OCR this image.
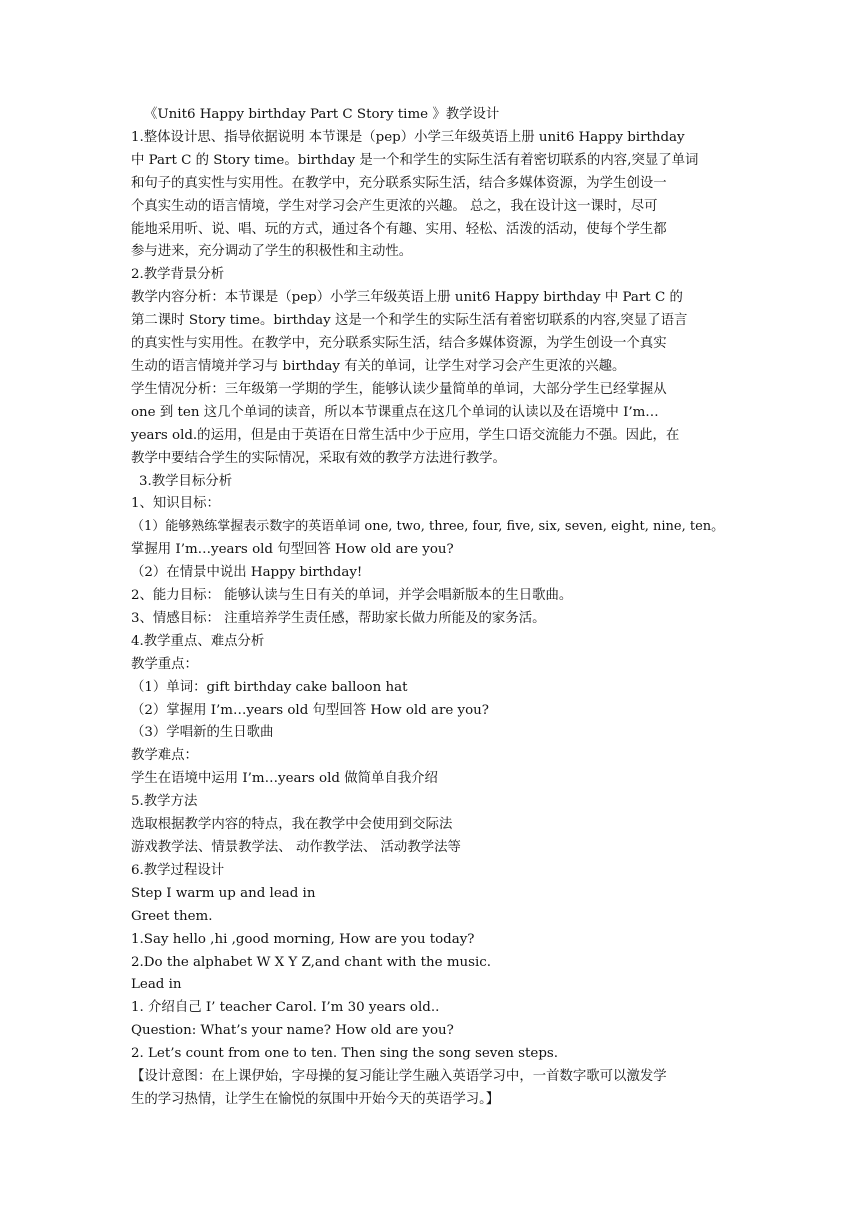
《Unit6 Happy birthday Part C Story time 》教学设计
1.整体设计思、指导依据说明 本节课是（pep）小学三年级英语上册 unit6 Happy birthday
中 Part C 的 Story time。birthday 是一个和学生的实际生活有着密切联系的内容,突显了单词
和句子的真实性与实用性。在教学中，充分联系实际生活，结合多媒体资源，为学生创设一
个真实生动的语言情境，学生对学习会产生更浓的兴趣。 总之，我在设计这一课时，尽可
能地采用听、说、唱、玩的方式，通过各个有趣、实用、轻松、活泼的活动，使每个学生都
参与进来，充分调动了学生的积极性和主动性。
2.教学背景分析
教学内容分析：本节课是（pep）小学三年级英语上册 unit6 Happy birthday 中 Part C 的
第二课时 Story time。birthday 这是一个和学生的实际生活有着密切联系的内容,突显了语言
的真实性与实用性。在教学中，充分联系实际生活，结合多媒体资源，为学生创设一个真实
生动的语言情境并学习与 birthday 有关的单词，让学生对学习会产生更浓的兴趣。
学生情况分析：三年级第一学期的学生，能够认读少量简单的单词，大部分学生已经掌握从
one 到 ten 这几个单词的读音，所以本节课重点在这几个单词的认读以及在语境中 I’m…
years old.的运用，但是由于英语在日常生活中少于应用，学生口语交流能力不强。因此，在
教学中要结合学生的实际情况，采取有效的教学方法进行教学。
3.教学目标分析
1、知识目标：
（1）能够熟练掌握表示数字的英语单词 one, two, three, four, five, six, seven, eight, nine, ten。
掌握用 I’m…years old 句型回答 How old are you?
（2）在情景中说出 Happy birthday!
2、能力目标： 能够认读与生日有关的单词，并学会唱新版本的生日歌曲。
3、情感目标： 注重培养学生责任感，帮助家长做力所能及的家务活。
4.教学重点、难点分析
教学重点：
（1）单词：gift birthday cake balloon hat
（2）掌握用 I’m…years old 句型回答 How old are you?
（3）学唱新的生日歌曲
教学难点：
学生在语境中运用 I’m…years old 做简单自我介绍
5.教学方法
选取根据教学内容的特点，我在教学中会使用到交际法
游戏教学法、情景教学法、 动作教学法、 活动教学法等
6.教学过程设计
Step Ⅰ warm up and lead in
Greet them.
1.Say hello ,hi ,good morning, How are you today?
2.Do the alphabet W X Y Z,and chant with the music.
Lead in
1. 介绍自己 I’ teacher Carol. I’m 30 years old..
Question: What’s your name? How old are you?
2. Let’s count from one to ten. Then sing the song seven steps.
【设计意图：在上课伊始，字母操的复习能让学生融入英语学习中，一首数字歌可以激发学
生的学习热情，让学生在愉悦的氛围中开始今天的英语学习。】
